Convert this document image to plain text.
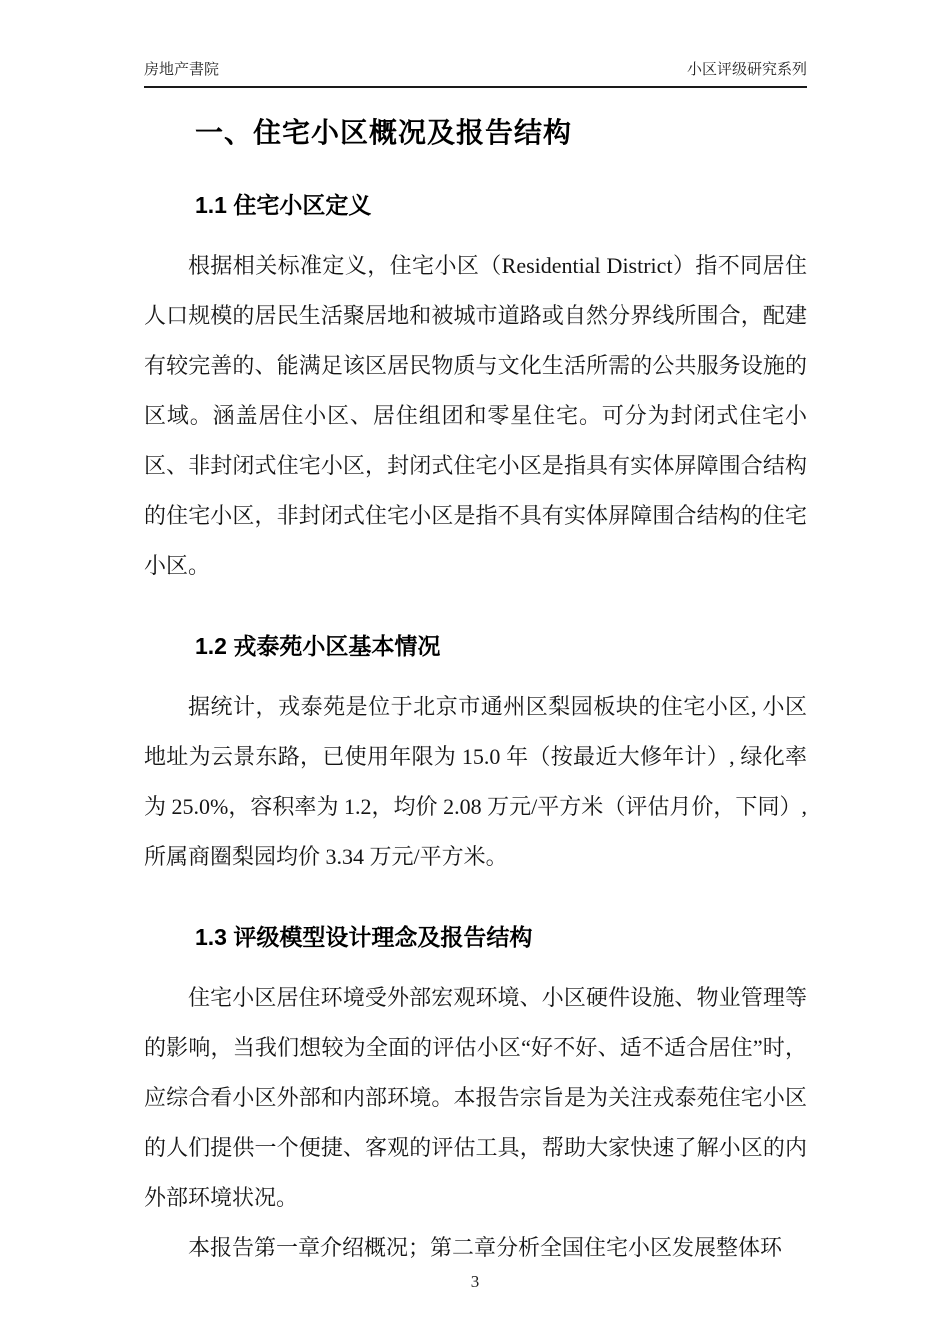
房地产書院	小区评级研究系列
一、住宅小区概况及报告结构
1.1 住宅小区定义

根据相关标准定义，住宅小区（Residential District）指不同居住人口规模的居民生活聚居地和被城市道路或自然分界线所围合，配建有较完善的、能满足该区居民物质与文化生活所需的公共服务设施的区域。涵盖居住小区、居住组团和零星住宅。可分为封闭式住宅小区、非封闭式住宅小区，封闭式住宅小区是指具有实体屏障围合结构的住宅小区，非封闭式住宅小区是指不具有实体屏障围合结构的住宅小区。

1.2 戎泰苑小区基本情况

据统计，戎泰苑是位于北京市通州区梨园板块的住宅小区, 小区地址为云景东路，已使用年限为 15.0 年（按最近大修年计）, 绿化率为 25.0%，容积率为 1.2，均价 2.08 万元/平方米（评估月价，下同）, 所属商圈梨园均价 3.34 万元/平方米。

1.3 评级模型设计理念及报告结构

住宅小区居住环境受外部宏观环境、小区硬件设施、物业管理等的影响，当我们想较为全面的评估小区“好不好、适不适合居住”时，应综合看小区外部和内部环境。本报告宗旨是为关注戎泰苑住宅小区的人们提供一个便捷、客观的评估工具，帮助大家快速了解小区的内外部环境状况。

本报告第一章介绍概况；第二章分析全国住宅小区发展整体环

3
